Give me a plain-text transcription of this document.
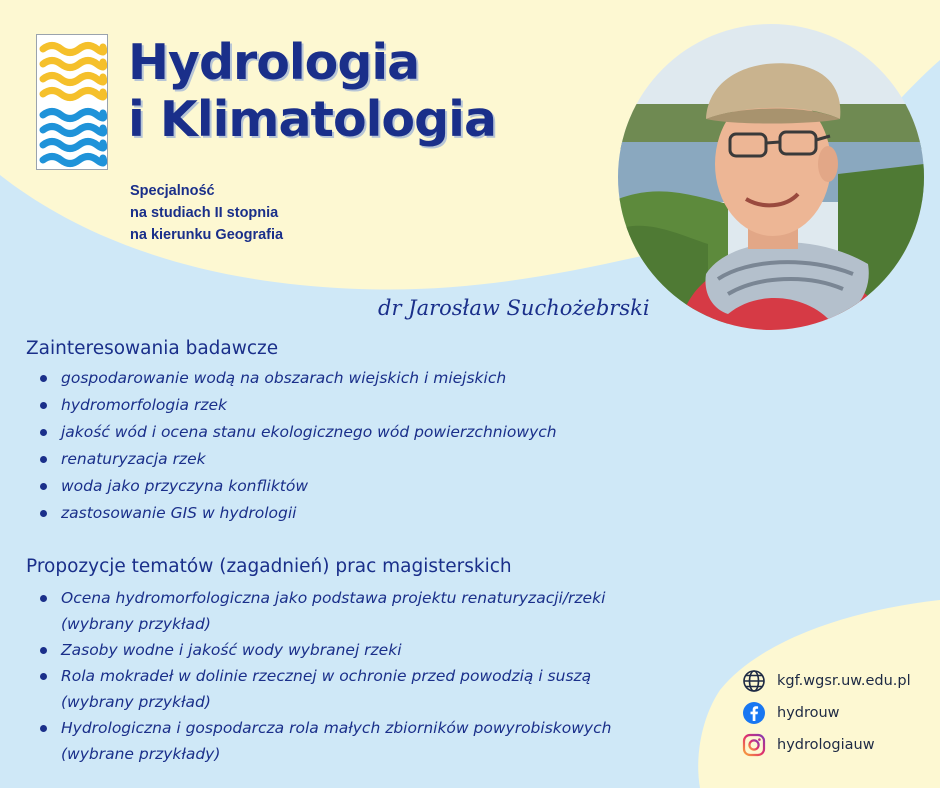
Hydrologia
i Klimatologia
Specjalność
na studiach II stopnia
na kierunku Geografia
dr Jarosław Suchożebrski
Zainteresowania badawcze
gospodarowanie wodą na obszarach wiejskich i miejskich
hydromorfologia rzek
jakość wód i ocena stanu ekologicznego wód powierzchniowych
renaturyzacja rzek
woda jako przyczyna konfliktów
zastosowanie GIS w hydrologii
Propozycje tematów (zagadnień) prac magisterskich
Ocena hydromorfologiczna jako podstawa projektu renaturyzacji/rzeki
(wybrany przykład)
Zasoby wodne i jakość wody wybranej rzeki
Rola mokradeł w dolinie rzecznej w ochronie przed powodzią i suszą
(wybrany przykład)
Hydrologiczna i gospodarcza rola małych zbiorników powyrobiskowych
(wybrane przykłady)
kgf.wgsr.uw.edu.pl
hydrouw
hydrologiauw
